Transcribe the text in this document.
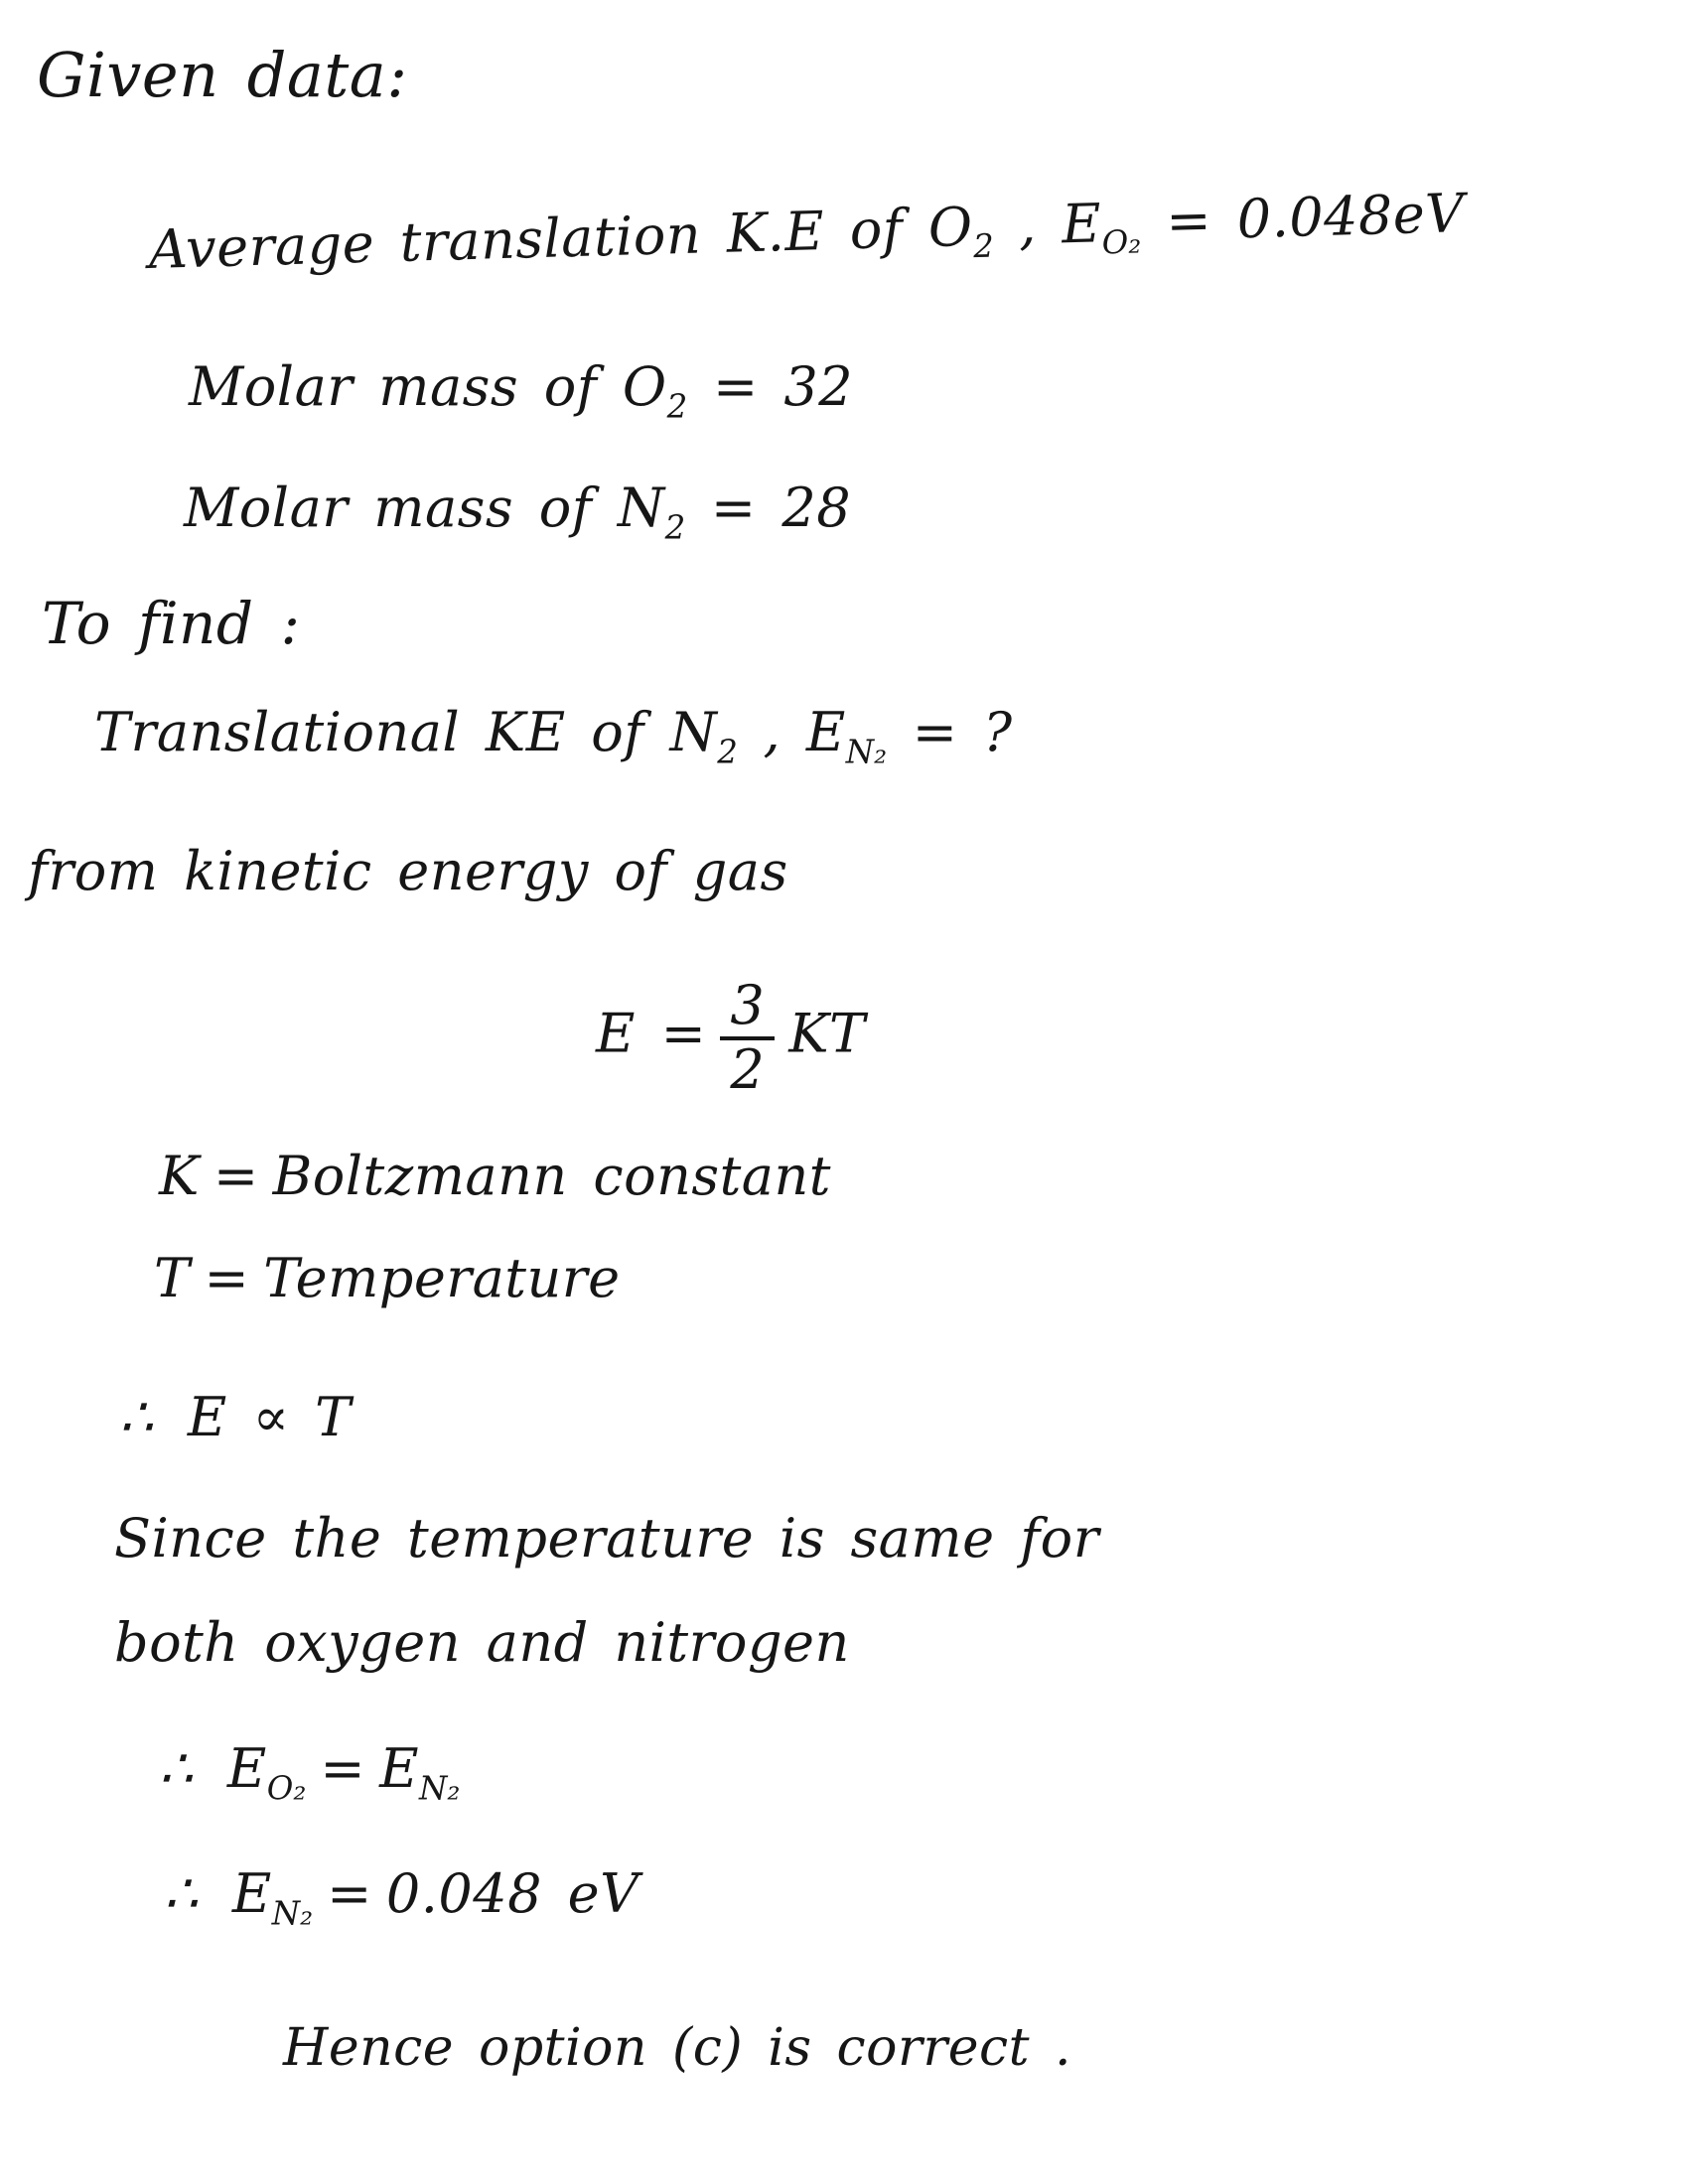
Given data:
Average translation K.E of $O_2$ , $E_{O_2} = 0.048eV$
Molar mass of $O_2 = 32$
Molar mass of $N_2 = 28$
To find :
Translational KE of $N_2$ , $E_{N_2}$ = ?
from kinetic energy of gas
$E = \frac{3}{2}$ KT
K = Boltzmann constant
T = Temperature
∴ E ∝ T
Since the temperature is same for
both oxygen and nitrogen
∴ $E_{O_2} = E_{N_2}$
∴ $E_{N_2} = 0.048$ eV
Hence option (c) is correct .
